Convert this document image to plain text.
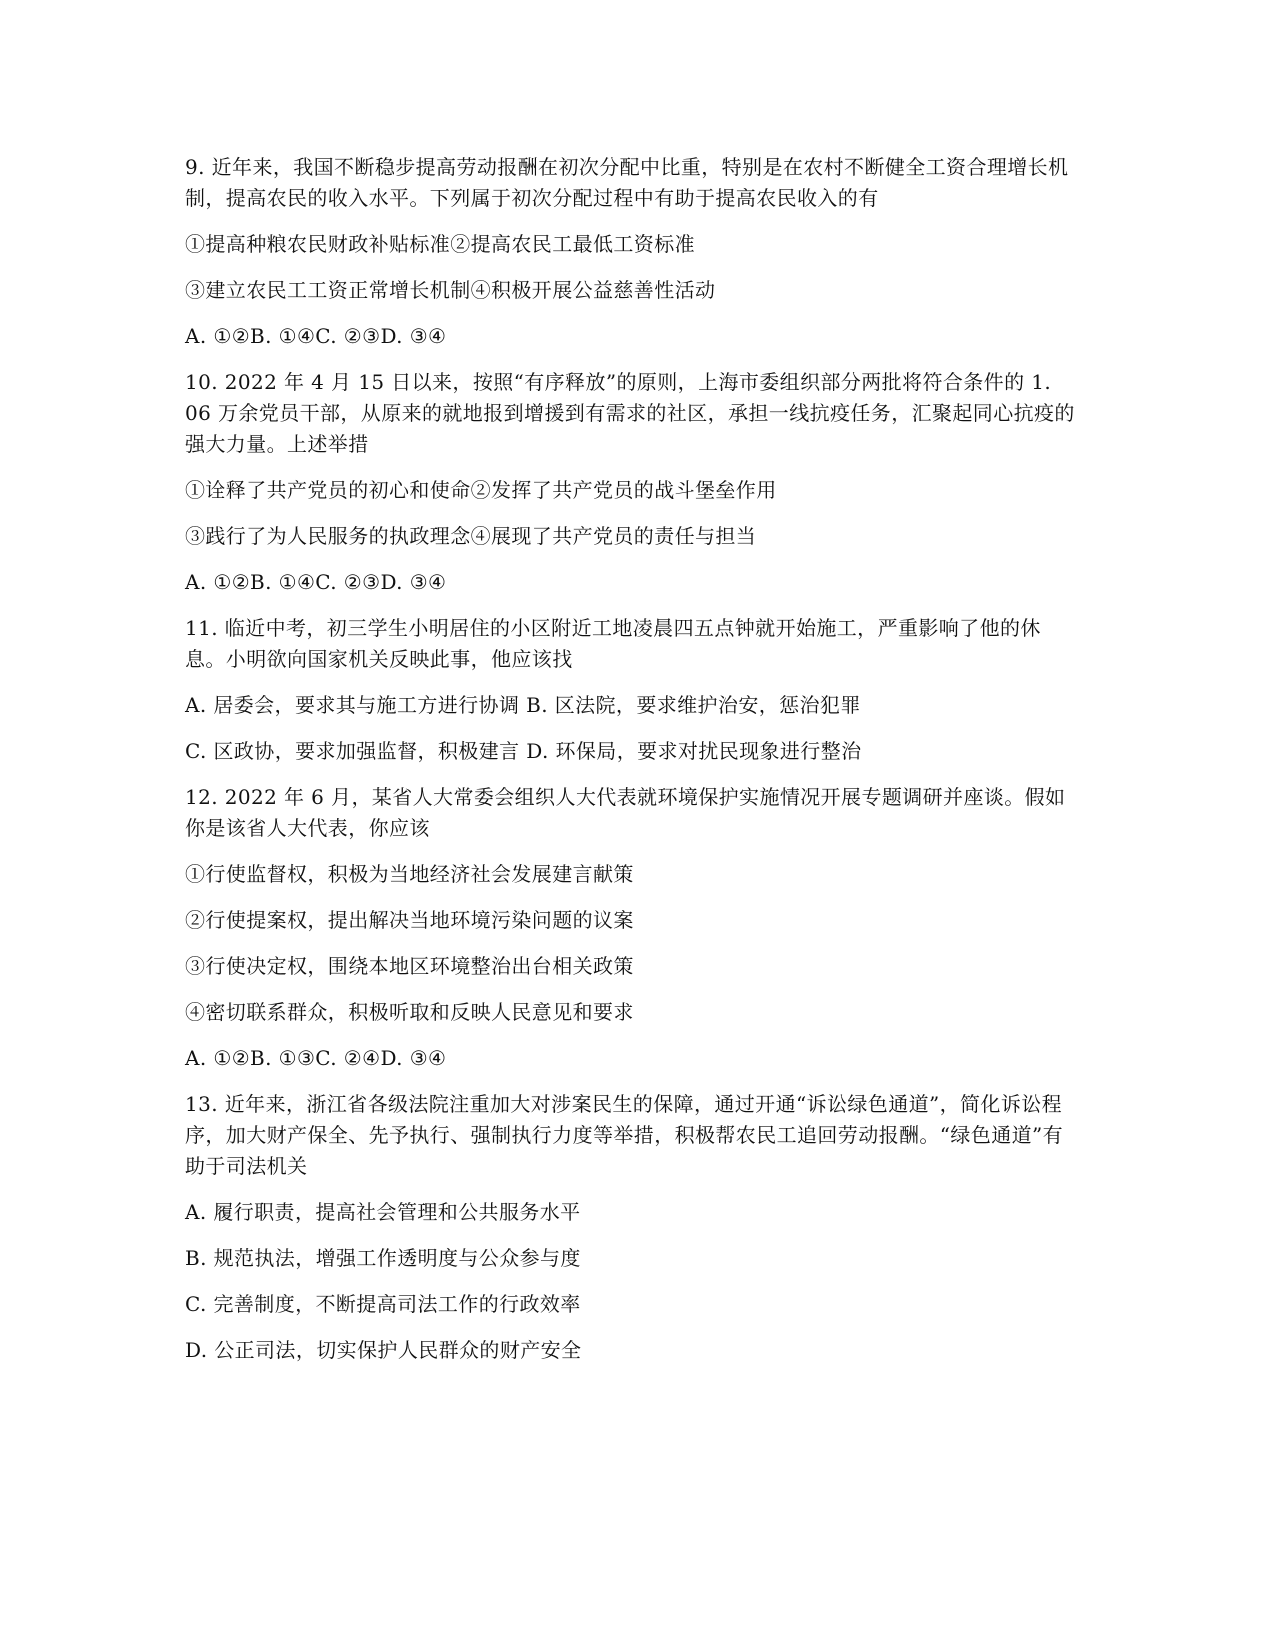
9. 近年来，我国不断稳步提高劳动报酬在初次分配中比重，特别是在农村不断健全工资合理增长机制，提高农民的收入水平。下列属于初次分配过程中有助于提高农民收入的有

①提高种粮农民财政补贴标准②提高农民工最低工资标准

③建立农民工工资正常增长机制④积极开展公益慈善性活动

A. ①②B. ①④C. ②③D. ③④

10. 2022 年 4 月 15 日以来，按照“有序释放”的原则，上海市委组织部分两批将符合条件的 1. 06 万余党员干部，从原来的就地报到增援到有需求的社区，承担一线抗疫任务，汇聚起同心抗疫的强大力量。上述举措

①诠释了共产党员的初心和使命②发挥了共产党员的战斗堡垒作用

③践行了为人民服务的执政理念④展现了共产党员的责任与担当

A. ①②B. ①④C. ②③D. ③④

11. 临近中考，初三学生小明居住的小区附近工地凌晨四五点钟就开始施工，严重影响了他的休息。小明欲向国家机关反映此事，他应该找

A. 居委会，要求其与施工方进行协调 B. 区法院，要求维护治安，惩治犯罪

C. 区政协，要求加强监督，积极建言 D. 环保局，要求对扰民现象进行整治

12. 2022 年 6 月，某省人大常委会组织人大代表就环境保护实施情况开展专题调研并座谈。假如你是该省人大代表，你应该

①行使监督权，积极为当地经济社会发展建言献策

②行使提案权，提出解决当地环境污染问题的议案

③行使决定权，围绕本地区环境整治出台相关政策

④密切联系群众，积极听取和反映人民意见和要求

A. ①②B. ①③C. ②④D. ③④

13. 近年来，浙江省各级法院注重加大对涉案民生的保障，通过开通“诉讼绿色通道”，简化诉讼程序，加大财产保全、先予执行、强制执行力度等举措，积极帮农民工追回劳动报酬。“绿色通道”有助于司法机关

A. 履行职责，提高社会管理和公共服务水平

B. 规范执法，增强工作透明度与公众参与度

C. 完善制度，不断提高司法工作的行政效率

D. 公正司法，切实保护人民群众的财产安全
